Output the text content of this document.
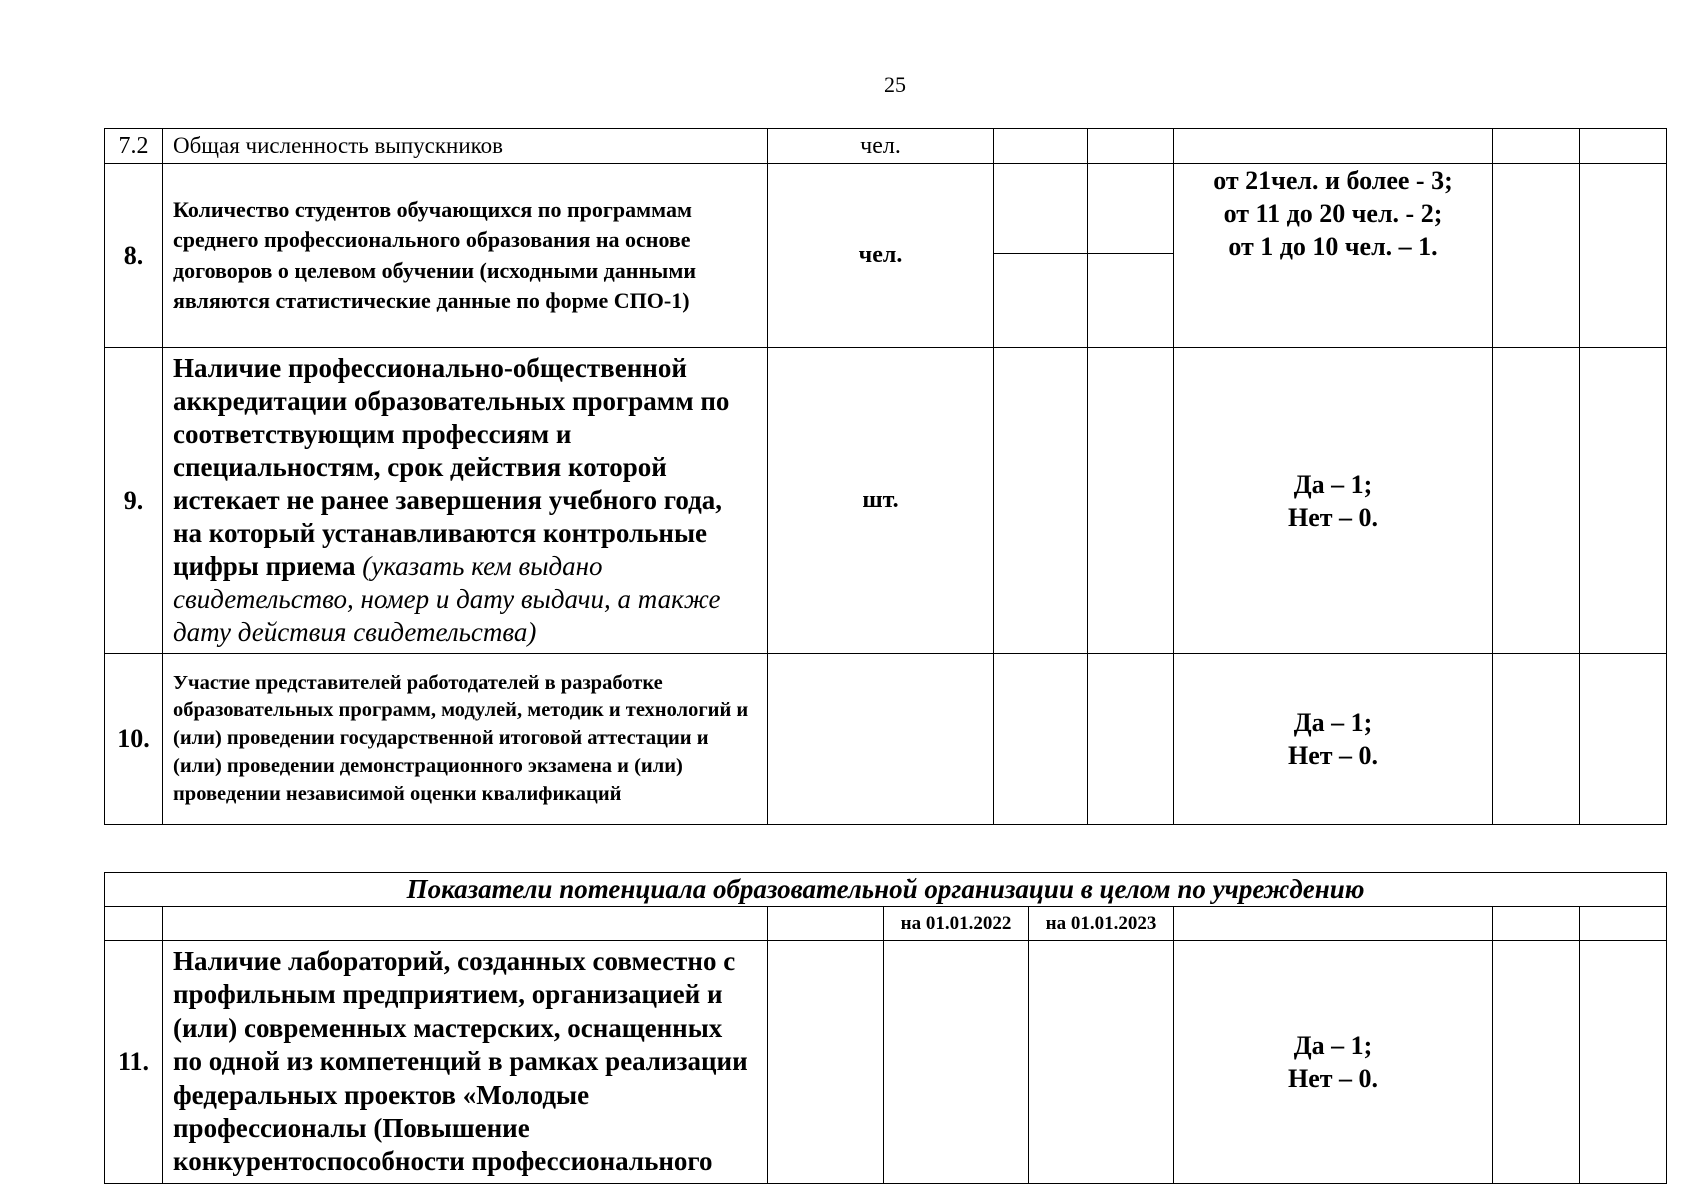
25
7.2	Общая численность выпускников	чел.					
8.	Количество студентов обучающихся по программам среднего профессионального образования на основе договоров о целевом обучении (исходными данными являются статистические данные по форме СПО-1)	чел.			от 21чел. и более - 3;
от 11 до 20 чел. - 2;
от 1 до 10 чел. – 1.		

9.	Наличие профессионально-общественной аккредитации образовательных программ по соответствующим профессиям и специальностям, срок действия которой истекает не ранее завершения учебного года, на который устанавливаются контрольные цифры приема (указать кем выдано свидетельство, номер и дату выдачи, а также дату действия свидетельства)	шт.			Да – 1;
Нет – 0.		

10.	Участие представителей работодателей в разработке образовательных программ, модулей, методик и технологий и (или) проведении государственной итоговой аттестации и (или) проведении демонстрационного экзамена и (или) проведении независимой оценки квалификаций				Да – 1;
Нет – 0.		

Показатели потенциала образовательной организации в целом по учреждению							
			на 01.01.2022	на 01.01.2023			
11.	Наличие лабораторий, созданных совместно с профильным предприятием, организацией и (или) современных мастерских, оснащенных по одной из компетенций в рамках реализации федеральных проектов «Молодые профессионалы (Повышение конкурентоспособности профессионального				Да – 1;
Нет – 0.		
